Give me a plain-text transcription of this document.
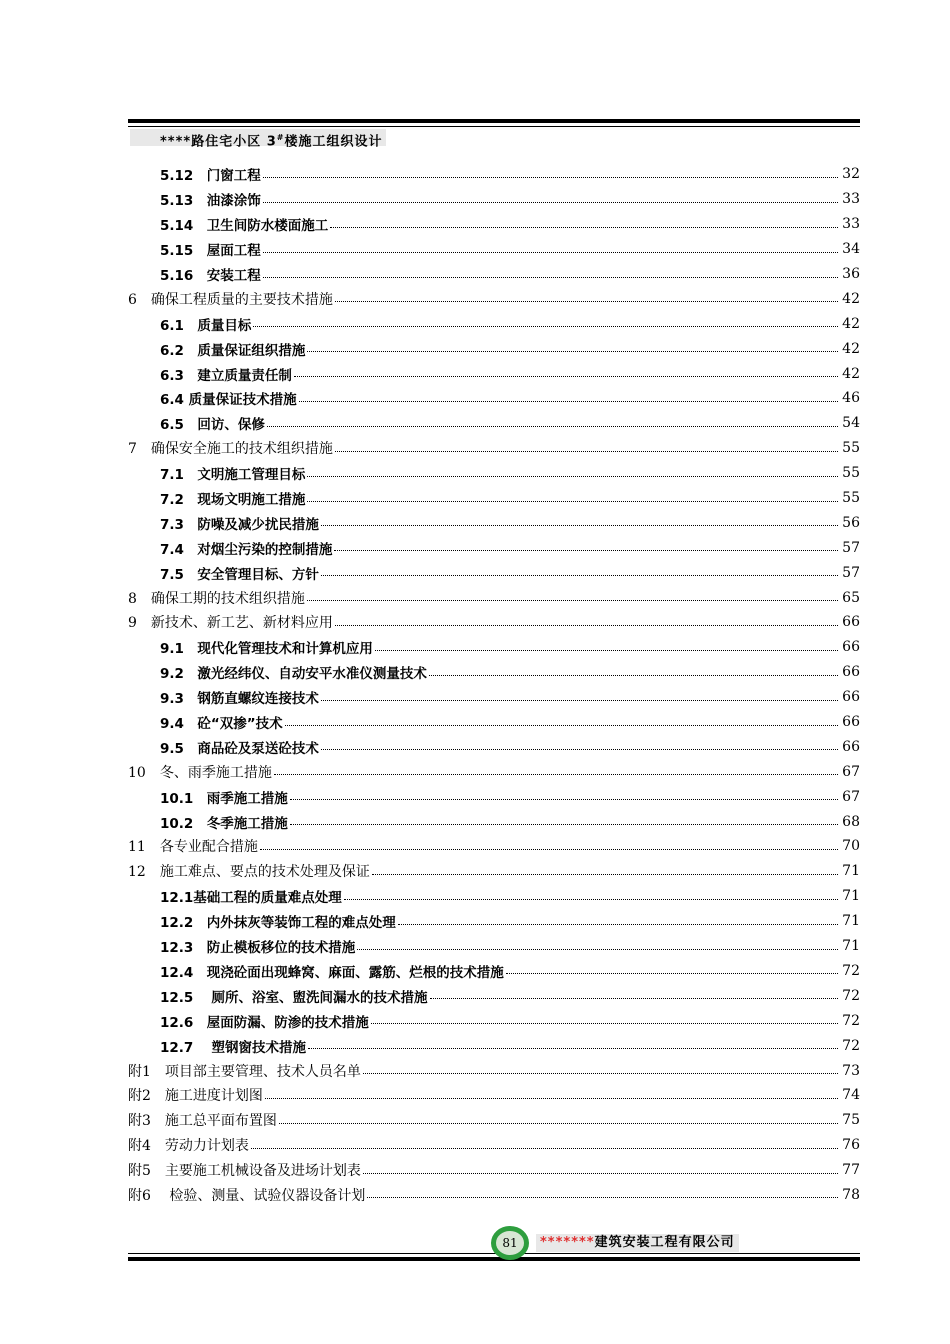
****路住宅小区 3#楼施工组织设计
5.12　门窗工程	32
5.13　油漆涂饰	33
5.14　卫生间防水楼面施工	33
5.15　屋面工程	34
5.16　安装工程	36
6　确保工程质量的主要技术措施	42
6.1　质量目标	42
6.2　质量保证组织措施	42
6.3　建立质量责任制	42
6.4 质量保证技术措施	46
6.5　回访、保修	54
7　确保安全施工的技术组织措施	55
7.1　文明施工管理目标	55
7.2　现场文明施工措施	55
7.3　防噪及减少扰民措施	56
7.4　对烟尘污染的控制措施	57
7.5　安全管理目标、方针	57
8　确保工期的技术组织措施	65
9　新技术、新工艺、新材料应用	66
9.1　现代化管理技术和计算机应用	66
9.2　激光经纬仪、自动安平水准仪测量技术	66
9.3　钢筋直螺纹连接技术	66
9.4　砼“双掺”技术	66
9.5　商品砼及泵送砼技术	66
10　冬、雨季施工措施	67
10.1　雨季施工措施	67
10.2　冬季施工措施	68
11　各专业配合措施	70
12　施工难点、要点的技术处理及保证	71
12.1基础工程的质量难点处理	71
12.2　内外抹灰等装饰工程的难点处理	71
12.3　防止模板移位的技术措施	71
12.4　现浇砼面出现蜂窝、麻面、露筋、烂根的技术措施	72
12.5　 厕所、浴室、盥洗间漏水的技术措施	72
12.6　屋面防漏、防渗的技术措施	72
12.7　 塑钢窗技术措施	72
附1　项目部主要管理、技术人员名单	73
附2　施工进度计划图	74
附3　施工总平面布置图	75
附4　劳动力计划表	76
附5　主要施工机械设备及进场计划表	77
附6　 检验、测量、试验仪器设备计划	78
81	*******建筑安装工程有限公司
